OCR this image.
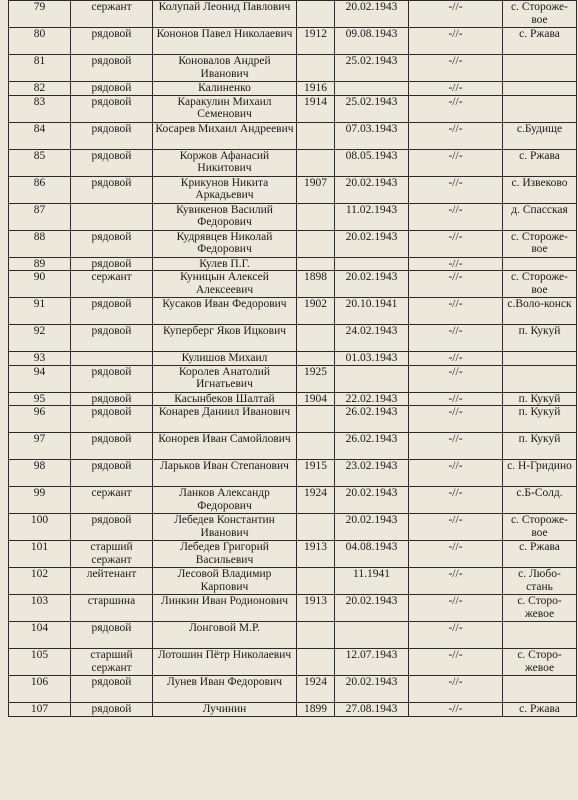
79	сержант	Колупай Леонид Павлович		20.02.1943	-//-	с. Стороже-вое
80	рядовой	Кононов Павел Николаевич	1912	09.08.1943	-//-	с. Ржава
81	рядовой	Коновалов Андрей Иванович		25.02.1943	-//-	
82	рядовой	Калиненко	1916		-//-	
83	рядовой	Каракулин Михаил Семенович	1914	25.02.1943	-//-	
84	рядовой	Косарев Михаил Андреевич		07.03.1943	-//-	с.Будище
85	рядовой	Коржов Афанасий Никитович		08.05.1943	-//-	с. Ржава
86	рядовой	Крикунов Никита Аркадьевич	1907	20.02.1943	-//-	с. Извеково
87		Кувикенов Василий Федорович		11.02.1943	-//-	д. Спасская
88	рядовой	Кудрявцев Николай Федорович		20.02.1943	-//-	с. Стороже-вое
89	рядовой	Кулев П.Г.			-//-	
90	сержант	Куницын Алексей Алексеевич	1898	20.02.1943	-//-	с. Стороже-вое
91	рядовой	Кусаков Иван Федорович	1902	20.10.1941	-//-	с.Воло-конск
92	рядовой	Куперберг Яков Ицкович		24.02.1943	-//-	п. Кукуй
93		Кулишов Михаил		01.03.1943	-//-	
94	рядовой	Королев Анатолий Игнатьевич	1925		-//-	
95	рядовой	Касынбеков Шалтай	1904	22.02.1943	-//-	п. Кукуй
96	рядовой	Конарев Даниил Иванович		26.02.1943	-//-	п. Кукуй
97	рядовой	Конорев Иван Самойлович		26.02.1943	-//-	п. Кукуй
98	рядовой	Ларьков Иван Степанович	1915	23.02.1943	-//-	с. Н-Гридино
99	сержант	Ланков Александр Федорович	1924	20.02.1943	-//-	с.Б-Солд.
100	рядовой	Лебедев Константин Иванович		20.02.1943	-//-	с. Стороже-вое
101	старший сержант	Лебедев Григорий Васильевич	1913	04.08.1943	-//-	с. Ржава
102	лейтенант	Лесовой Владимир Карпович		11.1941	-//-	с. Любо-стань
103	старшина	Линкин Иван Родионович	1913	20.02.1943	-//-	с. Сторо-жевое
104	рядовой	Лонговой М.Р.			-//-	
105	старший сержант	Лотошин Пётр Николаевич		12.07.1943	-//-	с. Сторо-жевое
106	рядовой	Лунев Иван Федорович	1924	20.02.1943	-//-	
107	рядовой	Лучинин	1899	27.08.1943	-//-	с. Ржава
